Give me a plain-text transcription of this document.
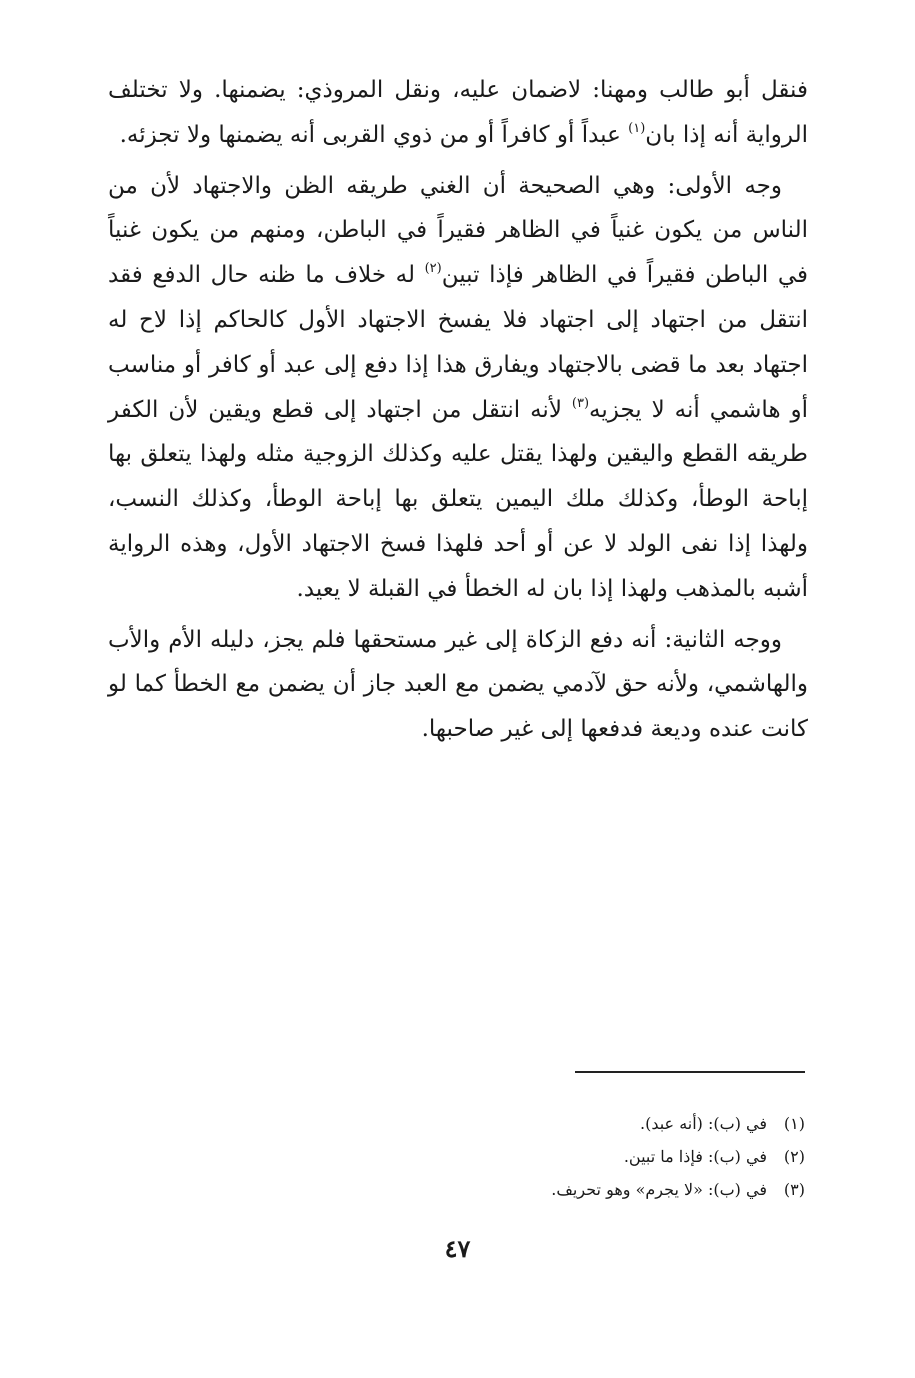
فنقل أبو طالب ومهنا: لاضمان عليه، ونقل المروذي: يضمنها. ولا تختلف الرواية أنه إذا بان$^{(١)}$ عبداً أو كافراً أو من ذوي القربى أنه يضمنها ولا تجزئه.

وجه الأولى: وهي الصحيحة أن الغني طريقه الظن والاجتهاد لأن من الناس من يكون غنياً في الظاهر فقيراً في الباطن، ومنهم من يكون غنياً في الباطن فقيراً في الظاهر فإذا تبين$^{(٢)}$ له خلاف ما ظنه حال الدفع فقد انتقل من اجتهاد إلى اجتهاد فلا يفسخ الاجتهاد الأول كالحاكم إذا لاح له اجتهاد بعد ما قضى بالاجتهاد ويفارق هذا إذا دفع إلى عبد أو كافر أو مناسب أو هاشمي أنه لا يجزيه$^{(٣)}$ لأنه انتقل من اجتهاد إلى قطع ويقين لأن الكفر طريقه القطع واليقين ولهذا يقتل عليه وكذلك الزوجية مثله ولهذا يتعلق بها إباحة الوطأ، وكذلك ملك اليمين يتعلق بها إباحة الوطأ، وكذلك النسب، ولهذا إذا نفى الولد لا عن أو أحد فلهذا فسخ الاجتهاد الأول، وهذه الرواية أشبه بالمذهب ولهذا إذا بان له الخطأ في القبلة لا يعيد.

ووجه الثانية: أنه دفع الزكاة إلى غير مستحقها فلم يجز، دليله الأم والأب والهاشمي، ولأنه حق لآدمي يضمن مع العبد جاز أن يضمن مع الخطأ كما لو كانت عنده وديعة فدفعها إلى غير صاحبها.

(١)في (ب): (أنه عبد).
(٢)في (ب): فإذا ما تبين.
(٣)في (ب): «لا يجرم» وهو تحريف.
٤٧
